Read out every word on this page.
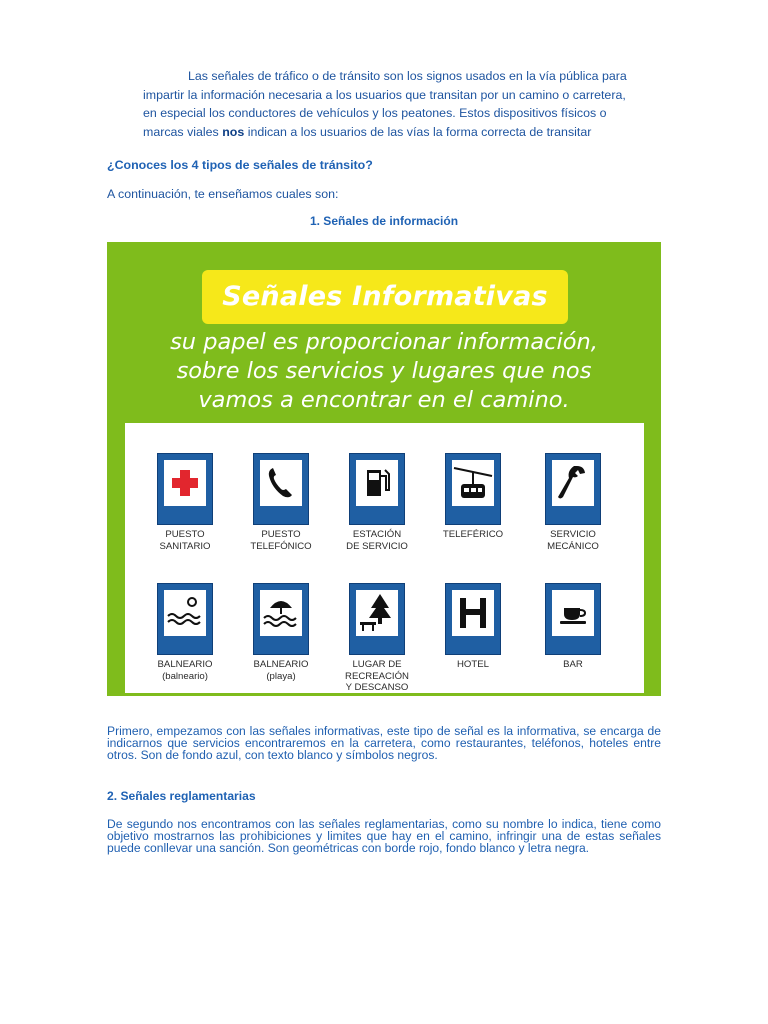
Las señales de tráfico o de tránsito son los signos usados en la vía pública para
impartir la información necesaria a los usuarios que transitan por un camino o carretera,
en especial los conductores de vehículos y los peatones. Estos dispositivos físicos o
marcas viales nos indican a los usuarios de las vías la forma correcta de transitar
¿Conoces los 4 tipos de señales de tránsito?
A continuación, te enseñamos cuales son:
1. Señales de información
Señales Informativas
su papel es proporcionar información,
sobre los servicios y lugares que nos
vamos a encontrar en el camino.
PUESTO
SANITARIO
PUESTO
TELEFÓNICO
ESTACIÓN
DE SERVICIO
TELEFÉRICO	SERVICIO
MECÁNICO
BALNEARIO
(balneario)
BALNEARIO
(playa)
LUGAR DE
RECREACIÓN
Y DESCANSO
HOTEL	BAR
Primero, empezamos con las señales informativas, este tipo de señal es la informativa, se encarga de indicarnos que servicios encontraremos en la carretera, como restaurantes, teléfonos, hoteles entre otros. Son de fondo azul, con texto blanco y símbolos negros.
2. Señales reglamentarias
De segundo nos encontramos con las señales reglamentarias, como su nombre lo indica, tiene como objetivo mostrarnos las prohibiciones y limites que hay en el camino, infringir una de estas señales puede conllevar una sanción. Son geométricas con borde rojo, fondo blanco y letra negra.
